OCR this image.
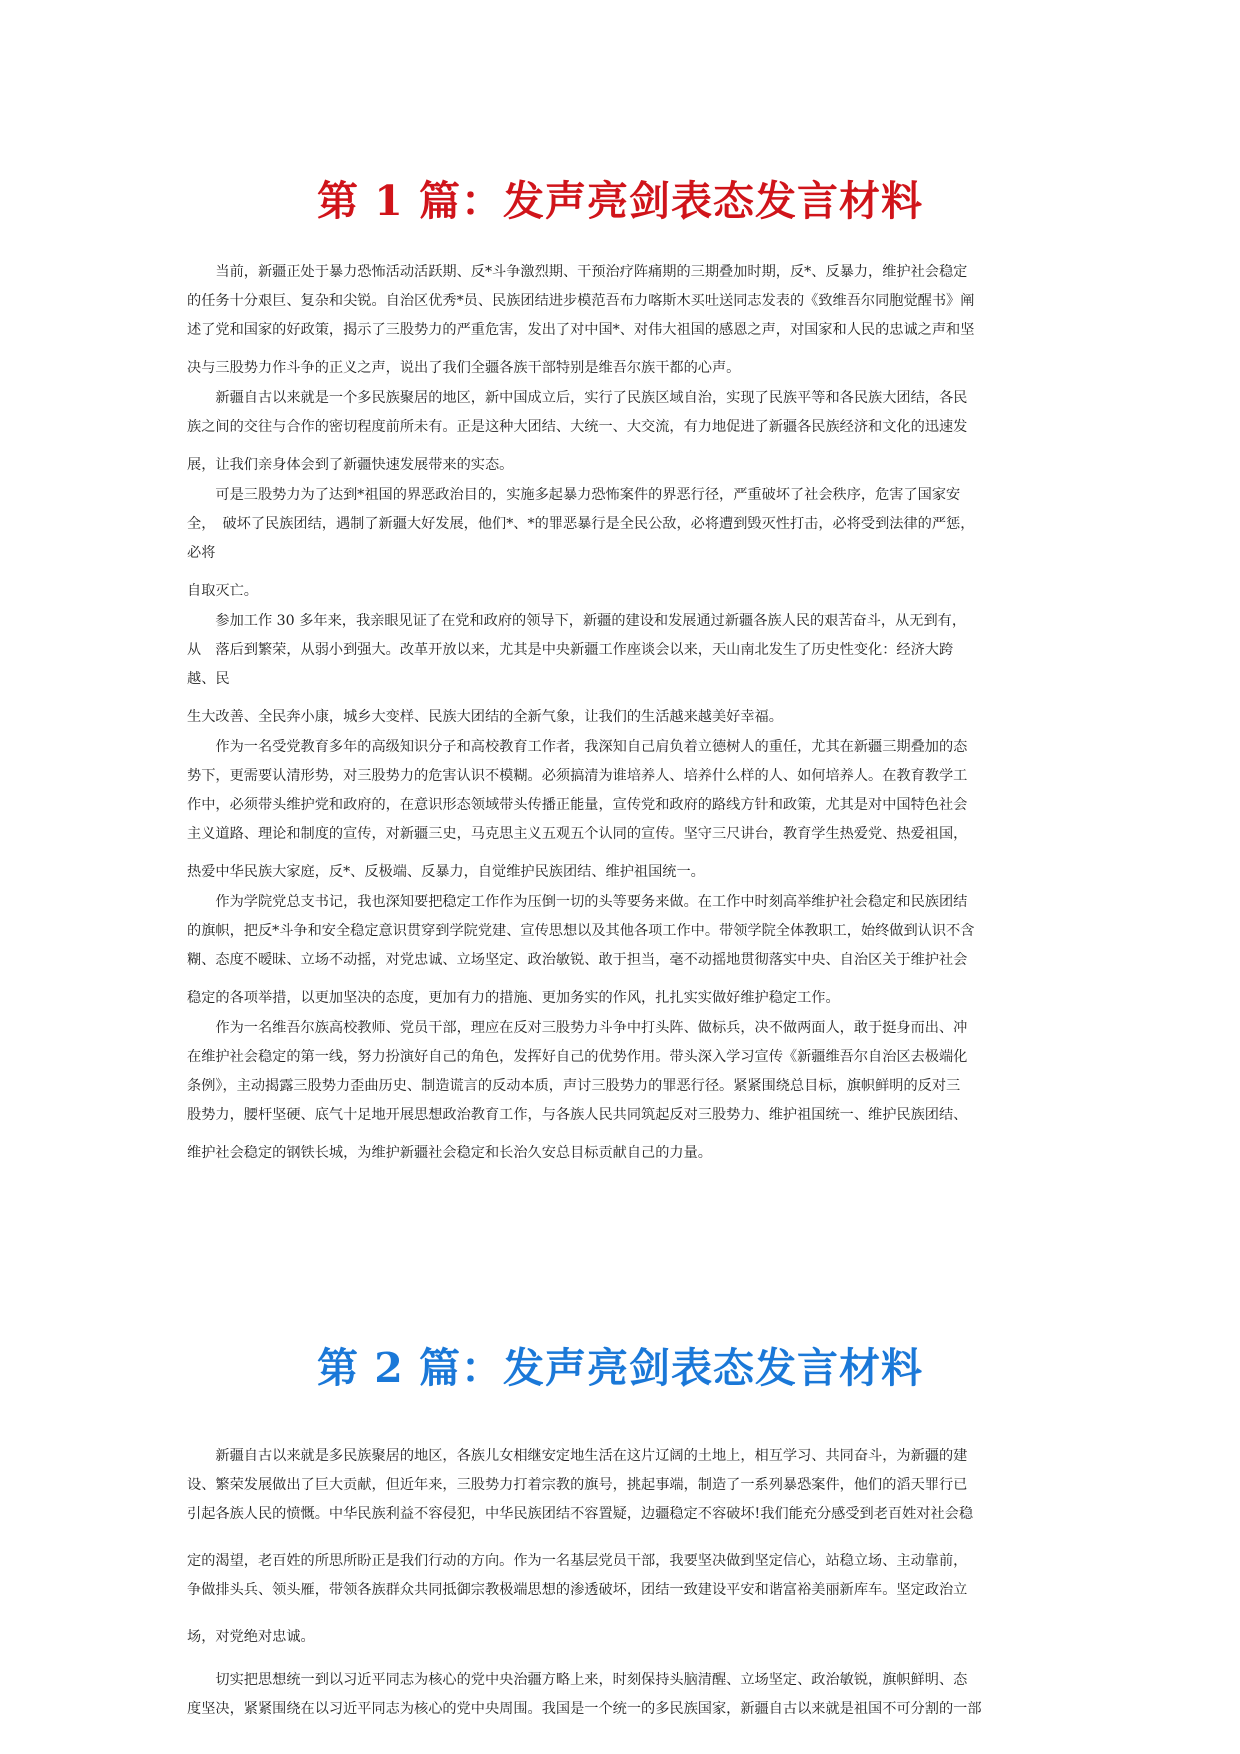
第 1 篇：发声亮剑表态发言材料
　　当前，新疆正处于暴力恐怖活动活跃期、反*斗争激烈期、干预治疗阵痛期的三期叠加时期，反*、反暴力，维护社会稳定
的任务十分艰巨、复杂和尖锐。自治区优秀*员、民族团结进步模范吾布力喀斯木买吐送同志发表的《致维吾尔同胞觉醒书》阐
述了党和国家的好政策，揭示了三股势力的严重危害，发出了对中国*、对伟大祖国的感恩之声，对国家和人民的忠诚之声和坚
决与三股势力作斗争的正义之声，说出了我们全疆各族干部特别是维吾尔族干都的心声。
　　新疆自古以来就是一个多民族聚居的地区，新中国成立后，实行了民族区域自治，实现了民族平等和各民族大团结，各民
族之间的交往与合作的密切程度前所未有。正是这种大团结、大统一、大交流，有力地促进了新疆各民族经济和文化的迅速发
展，让我们亲身体会到了新疆快速发展带来的实态。
　　可是三股势力为了达到*祖国的界恶政治目的，实施多起暴力恐怖案件的界恶行径，严重破坏了社会秩序，危害了国家安
全，　破坏了民族团结，遇制了新疆大好发展，他们*、*的罪恶暴行是全民公敌，必将遭到毁灭性打击，必将受到法律的严惩，
必将
自取灭亡。
　　参加工作 30 多年来，我亲眼见证了在党和政府的领导下，新疆的建设和发展通过新疆各族人民的艰苦奋斗，从无到有，
从　落后到繁荣，从弱小到强大。改革开放以来，尤其是中央新疆工作座谈会以来，天山南北发生了历史性变化：经济大跨
越、民
生大改善、全民奔小康，城乡大变样、民族大团结的全新气象，让我们的生活越来越美好幸福。
　　作为一名受党教育多年的高级知识分子和高校教育工作者，我深知自己肩负着立德树人的重任，尤其在新疆三期叠加的态
势下，更需要认清形势，对三股势力的危害认识不模糊。必须搞清为谁培养人、培养什么样的人、如何培养人。在教育教学工
作中，必须带头维护党和政府的，在意识形态领域带头传播正能量，宣传党和政府的路线方针和政策，尤其是对中国特色社会
主义道路、理论和制度的宣传，对新疆三史，马克思主义五观五个认同的宣传。坚守三尺讲台，教育学生热爱党、热爱祖国，
热爱中华民族大家庭，反*、反极端、反暴力，自觉维护民族团结、维护祖国统一。
　　作为学院党总支书记，我也深知要把稳定工作作为压倒一切的头等要务来做。在工作中时刻高举维护社会稳定和民族团结
的旗帜，把反*斗争和安全稳定意识贯穿到学院党建、宣传思想以及其他各项工作中。带领学院全体教职工，始终做到认识不含
糊、态度不暧昧、立场不动摇，对党忠诚、立场坚定、政治敏锐、敢于担当，毫不动摇地贯彻落实中央、自治区关于维护社会
稳定的各项举措，以更加坚决的态度，更加有力的措施、更加务实的作风，扎扎实实做好维护稳定工作。
　　作为一名维吾尔族高校教师、党员干部，理应在反对三股势力斗争中打头阵、做标兵，决不做两面人，敢于挺身而出、冲
在维护社会稳定的第一线，努力扮演好自己的角色，发挥好自己的优势作用。带头深入学习宣传《新疆维吾尔自治区去极端化
条例》，主动揭露三股势力歪曲历史、制造谎言的反动本质，声讨三股势力的罪恶行径。紧紧围绕总目标，旗帜鲜明的反对三
股势力，腰杆坚硬、底气十足地开展思想政治教育工作，与各族人民共同筑起反对三股势力、维护祖国统一、维护民族团结、
维护社会稳定的钢铁长城，为维护新疆社会稳定和长治久安总目标贡献自己的力量。
第 2 篇：发声亮剑表态发言材料
　　新疆自古以来就是多民族聚居的地区，各族儿女相继安定地生活在这片辽阔的土地上，相互学习、共同奋斗，为新疆的建
设、繁荣发展做出了巨大贡献，但近年来，三股势力打着宗教的旗号，挑起事端，制造了一系列暴恐案件，他们的滔天罪行已
引起各族人民的愤慨。中华民族利益不容侵犯，中华民族团结不容置疑，边疆稳定不容破坏!我们能充分感受到老百姓对社会稳
定的渴望，老百姓的所思所盼正是我们行动的方向。作为一名基层党员干部，我要坚决做到坚定信心，站稳立场、主动靠前，
争做排头兵、领头雁，带领各族群众共同抵御宗教极端思想的渗透破坏，团结一致建设平安和谐富裕美丽新库车。坚定政治立
场，对党绝对忠诚。
　　切实把思想统一到以习近平同志为核心的党中央治疆方略上来，时刻保持头脑清醒、立场坚定、政治敏锐，旗帜鲜明、态
度坚决，紧紧围绕在以习近平同志为核心的党中央周围。我国是一个统一的多民族国家，新疆自古以来就是祖国不可分割的一部
